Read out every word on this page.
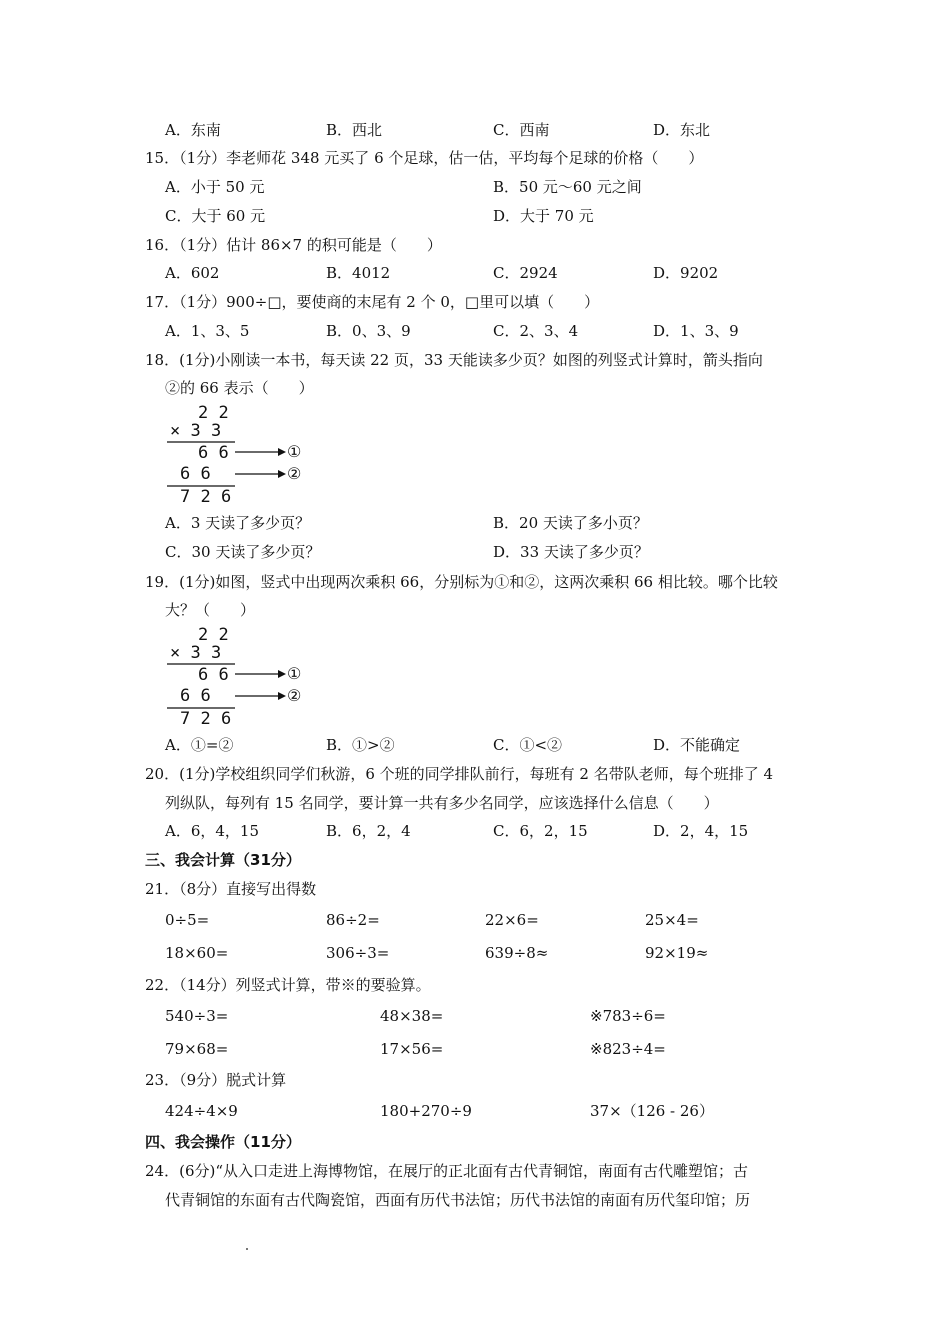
A．东南	B．西北	C．西南	D．东北
15．（1分）李老师花 348 元买了 6 个足球，估一估，平均每个足球的价格（　　）
A．小于 50 元	B．50 元～60 元之间
C．大于 60 元	D．大于 70 元
16．（1分）估计 86×7 的积可能是（　　）
A．602	B．4012	C．2924	D．9202
17．（1分）900÷□，要使商的末尾有 2 个 0，□里可以填（　　）
A．1、3、5	B．0、3、9	C．2、3、4	D．1、3、9
18．(1分)小刚读一本书，每天读 22 页，33 天能读多少页？如图的列竖式计算时，箭头指向
②的 66 表示（　　）
2 2
× 3 3
6 6
6 6
7 2 6
①
②
A．3 天读了多少页？	B．20 天读了多小页？
C．30 天读了多少页？	D．33 天读了多少页？
19．(1分)如图，竖式中出现两次乘积 66，分别标为①和②，这两次乘积 66 相比较。哪个比较
大？（　　）
2 2
× 3 3
6 6
6 6
7 2 6
①
②
A．①=②	B．①>②	C．①<②	D．不能确定
20．(1分)学校组织同学们秋游，6 个班的同学排队前行，每班有 2 名带队老师，每个班排了 4
列纵队，每列有 15 名同学，要计算一共有多少名同学，应该选择什么信息（　　）
A．6，4，15	B．6，2，4	C．6，2，15	D．2，4，15
三、我会计算（31分）
21．（8分）直接写出得数
0÷5=	86÷2=	22×6=	25×4=
18×60=	306÷3=	639÷8≈	92×19≈
22．（14分）列竖式计算，带※的要验算。
540÷3=	48×38=	※783÷6=
79×68=	17×56=	※823÷4=
23．（9分）脱式计算
424÷4×9	180+270÷9	37×（126 - 26）
四、我会操作（11分）
24．(6分)“从入口走进上海博物馆，在展厅的正北面有古代青铜馆，南面有古代雕塑馆；古
代青铜馆的东面有古代陶瓷馆，西面有历代书法馆；历代书法馆的南面有历代玺印馆；历
